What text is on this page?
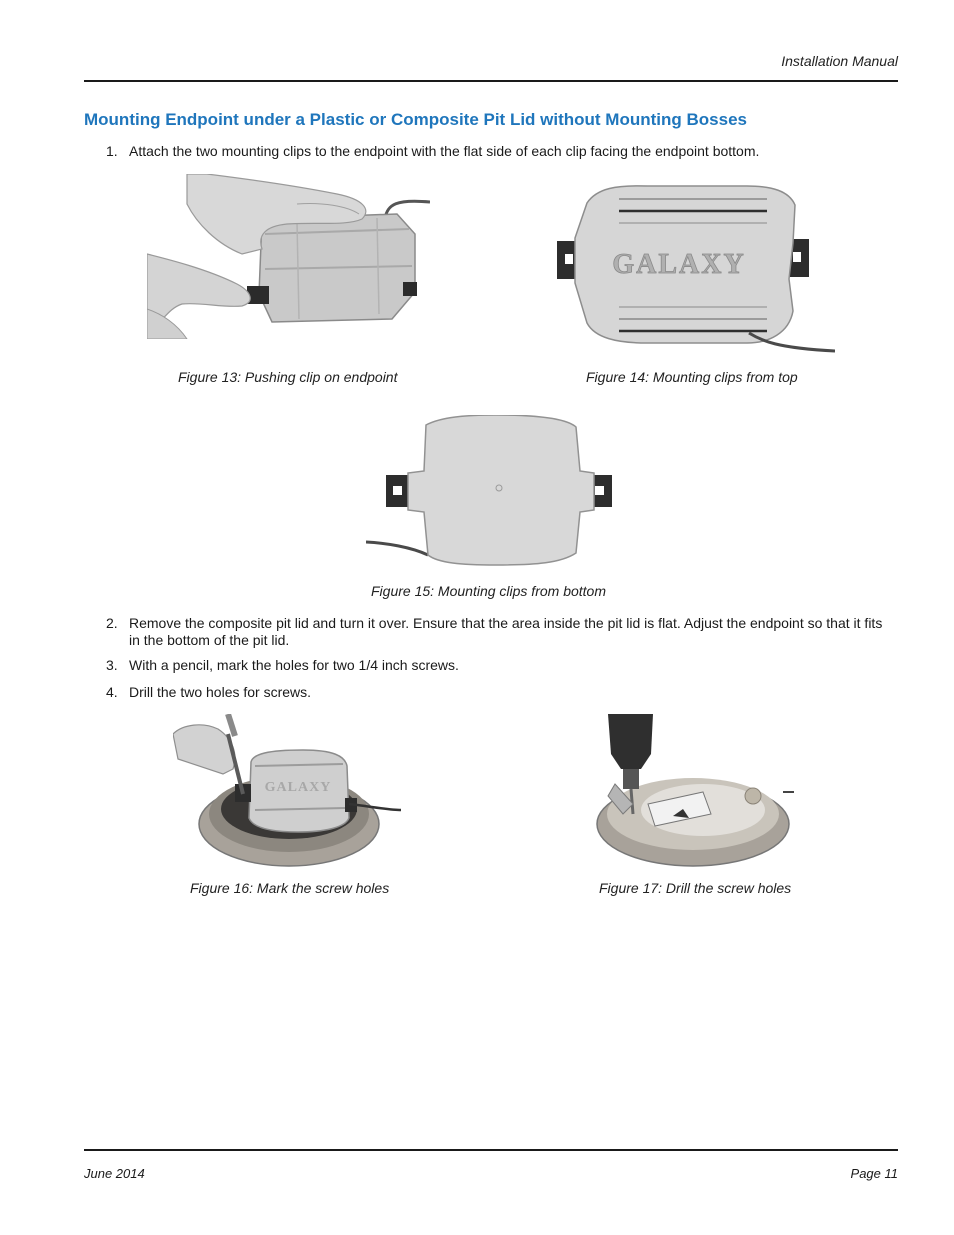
Installation Manual
Mounting Endpoint under a Plastic or Composite Pit Lid without Mounting Bosses
1. Attach the two mounting clips to the endpoint with the flat side of each clip facing the endpoint bottom.
GALAXY
Figure 13: Pushing clip on endpoint	Figure 14: Mounting clips from top
Figure 15: Mounting clips from bottom
2. Remove the composite pit lid and turn it over. Ensure that the area inside the pit lid is flat. Adjust the endpoint so that it fits in the bottom of the pit lid.
3. With a pencil, mark the holes for two 1/4 inch screws.
4. Drill the two holes for screws.
GALAXY
Figure 16: Mark the screw holes	Figure 17: Drill the screw holes
June 2014	Page 11
